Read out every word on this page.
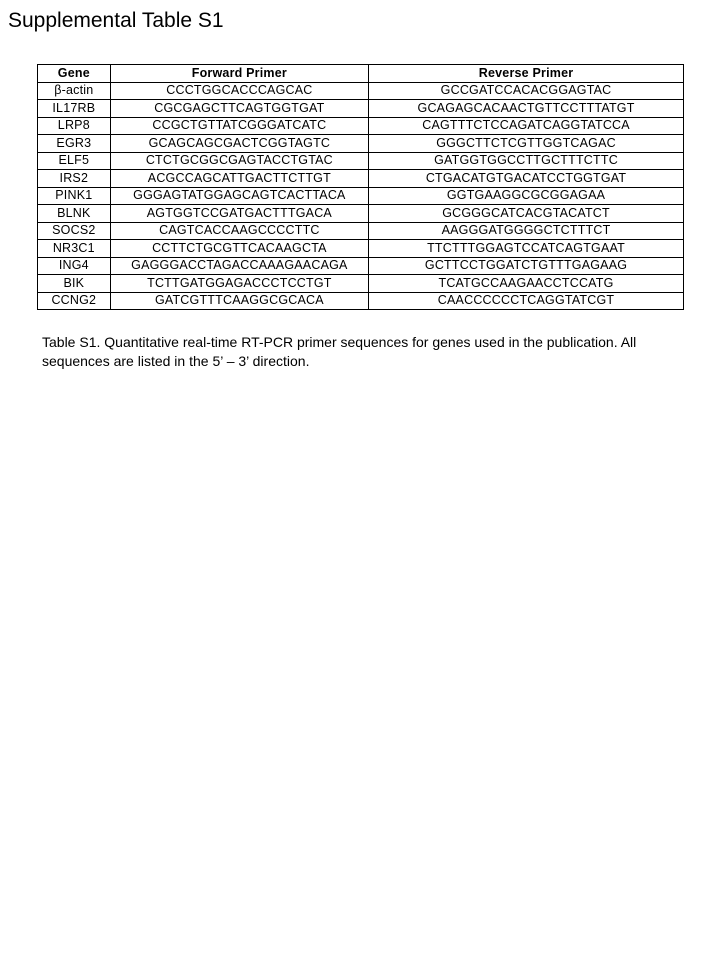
Supplemental Table S1
Gene	Forward Primer	Reverse Primer
β-actin	CCCTGGCACCCAGCAC	GCCGATCCACACGGAGTAC
IL17RB	CGCGAGCTTCAGTGGTGAT	GCAGAGCACAACTGTTCCTTTATGT
LRP8	CCGCTGTTATCGGGATCATC	CAGTTTCTCCAGATCAGGTATCCA
EGR3	GCAGCAGCGACTCGGTAGTC	GGGCTTCTCGTTGGTCAGAC
ELF5	CTCTGCGGCGAGTACCTGTAC	GATGGTGGCCTTGCTTTCTTC
IRS2	ACGCCAGCATTGACTTCTTGT	CTGACATGTGACATCCTGGTGAT
PINK1	GGGAGTATGGAGCAGTCACTTACA	GGTGAAGGCGCGGAGAA
BLNK	AGTGGTCCGATGACTTTGACA	GCGGGCATCACGTACATCT
SOCS2	CAGTCACCAAGCCCCTTC	AAGGGATGGGGCTCTTTCT
NR3C1	CCTTCTGCGTTCACAAGCTA	TTCTTTGGAGTCCATCAGTGAAT
ING4	GAGGGACCTAGACCAAAGAACAGA	GCTTCCTGGATCTGTTTGAGAAG
BIK	TCTTGATGGAGACCCTCCTGT	TCATGCCAAGAACCTCCATG
CCNG2	GATCGTTTCAAGGCGCACA	CAACCCCCCTCAGGTATCGT
Table S1. Quantitative real-time RT-PCR primer sequences for genes used in the publication. All sequences are listed in the 5’ – 3’ direction.
